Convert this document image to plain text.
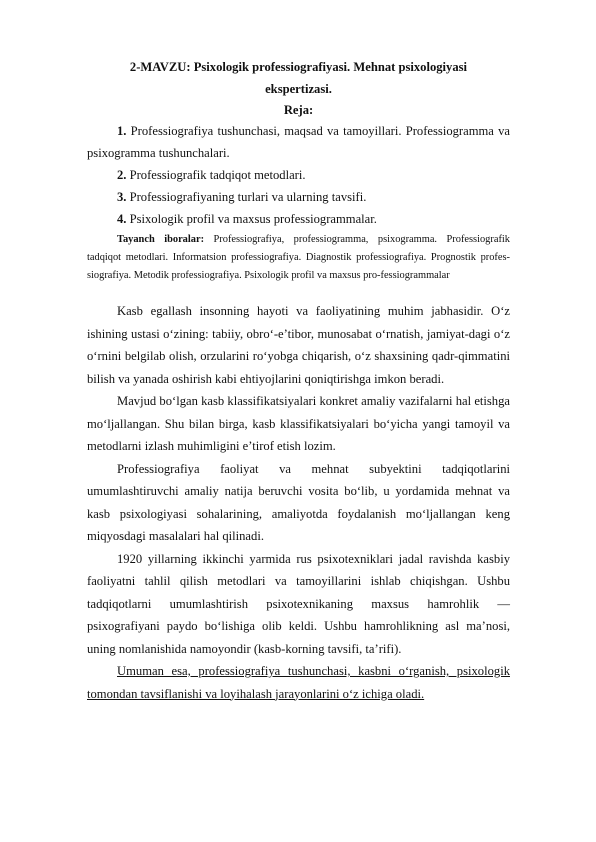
2-MAVZU: Psixologik professiografiyasi. Mehnat psixologiyasi
ekspertizasi.

Reja:

1. Professiografiya tushunchasi, maqsad va tamoyillari. Professiogramma va psixogramma tushunchalari.

2. Professiografik tadqiqot metodlari.

3. Professiografiyaning turlari va ularning tavsifi.

4. Psixologik profil va maxsus professiogrammalar.

Tayanch iboralar: Professiografiya, professiogramma, psixogramma. Professiografik tadqiqot metodlari. Informatsion professiografiya. Diagnostik professiografiya. Prognostik profes-siografiya. Metodik professiografiya. Psixologik profil va maxsus pro-fessiogrammalar

Kasb egallash insonning hayoti va faoliyatining muhim jabhasidir. O‘z ishining ustasi o‘zining: tabiiy, obro‘-e’tibor, munosabat o‘rnatish, jamiyat-dagi o‘z o‘rnini belgilab olish, orzularini ro‘yobga chiqarish, o‘z shaxsining qadr-qimmatini bilish va yanada oshirish kabi ehtiyojlarini qoniqtirishga imkon beradi.

Mavjud bo‘lgan kasb klassifikatsiyalari konkret amaliy vazifalarni hal etishga mo‘ljallangan. Shu bilan birga, kasb klassifikatsiyalari bo‘yicha yangi tamoyil va metodlarni izlash muhimligini e’tirof etish lozim.

Professiografiya faoliyat va mehnat subyektini tadqiqotlarini umumlashtiruvchi amaliy natija beruvchi vosita bo‘lib, u yordamida mehnat va kasb psixologiyasi sohalarining, amaliyotda foydalanish mo‘ljallangan keng miqyosdagi masalalari hal qilinadi.

1920 yillarning ikkinchi yarmida rus psixotexniklari jadal ravishda kasbiy faoliyatni tahlil qilish metodlari va tamoyillarini ishlab chiqishgan. Ushbu tadqiqotlarni umumlashtirish psixotexnikaning maxsus hamrohlik ― psixografiyani paydo bo‘lishiga olib keldi. Ushbu hamrohlikning asl ma’nosi, uning nomlanishida namoyondir (kasb-korning tavsifi, ta’rifi).

Umuman esa, professiografiya tushunchasi, kasbni o‘rganish, psixologik tomondan tavsiflanishi va loyihalash jarayonlarini o‘z ichiga oladi.
